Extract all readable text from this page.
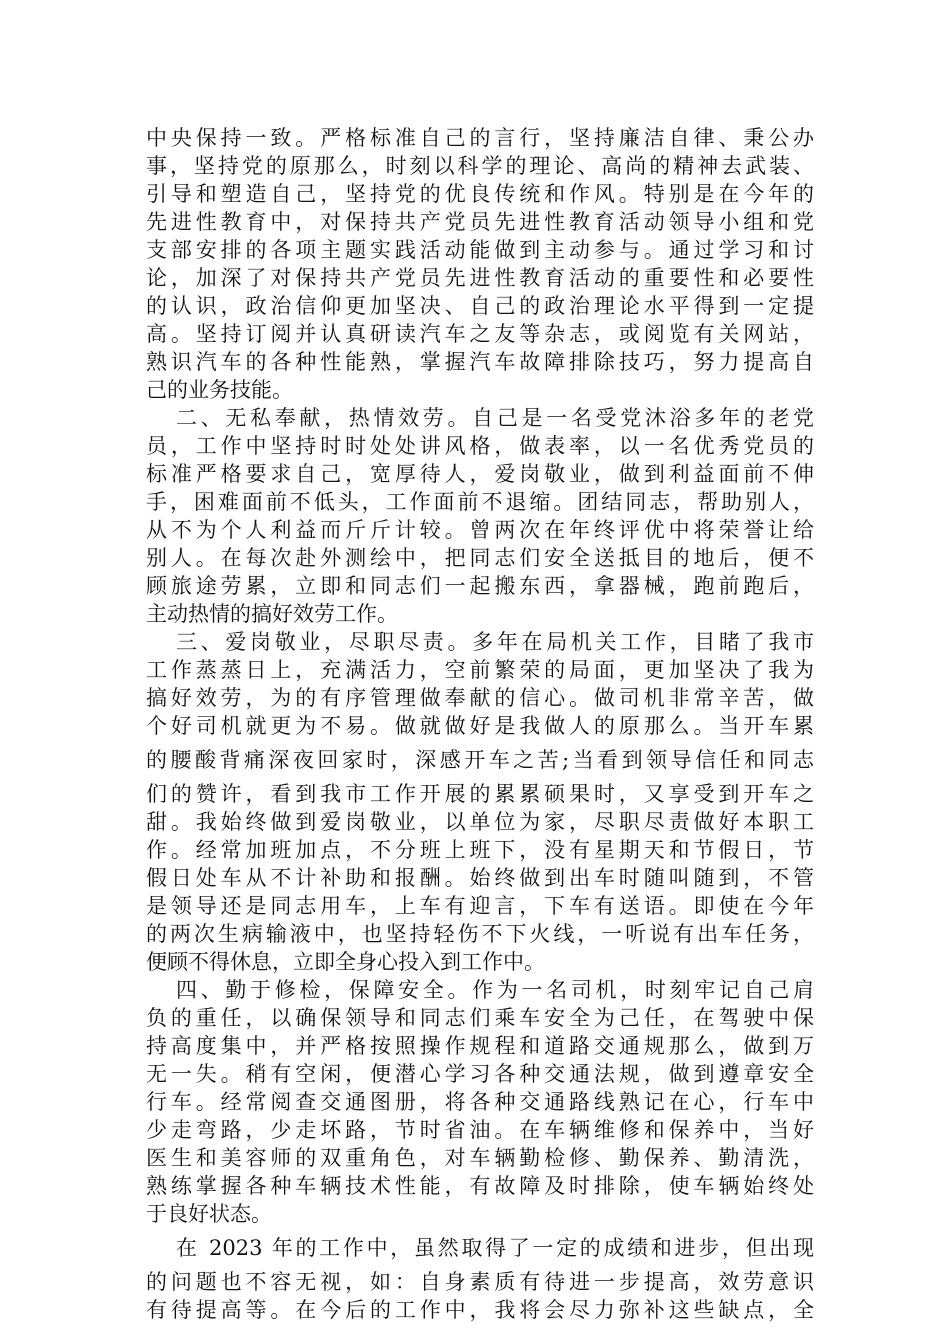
中央保持一致。严格标准自己的言行，坚持廉洁自律、秉公办
事，坚持党的原那么，时刻以科学的理论、高尚的精神去武装、
引导和塑造自己，坚持党的优良传统和作风。特别是在今年的
先进性教育中，对保持共产党员先进性教育活动领导小组和党
支部安排的各项主题实践活动能做到主动参与。通过学习和讨
论，加深了对保持共产党员先进性教育活动的重要性和必要性
的认识，政治信仰更加坚决、自己的政治理论水平得到一定提
高。坚持订阅并认真研读汽车之友等杂志，或阅览有关网站，
熟识汽车的各种性能熟，掌握汽车故障排除技巧，努力提高自
己的业务技能。
二、无私奉献，热情效劳。自己是一名受党沐浴多年的老党
员，工作中坚持时时处处讲风格，做表率，以一名优秀党员的
标准严格要求自己，宽厚待人，爱岗敬业，做到利益面前不伸
手，困难面前不低头，工作面前不退缩。团结同志，帮助别人，
从不为个人利益而斤斤计较。曾两次在年终评优中将荣誉让给
别人。在每次赴外测绘中，把同志们安全送抵目的地后，便不
顾旅途劳累，立即和同志们一起搬东西，拿器械，跑前跑后，
主动热情的搞好效劳工作。
三、爱岗敬业，尽职尽责。多年在局机关工作，目睹了我市
工作蒸蒸日上，充满活力，空前繁荣的局面，更加坚决了我为
搞好效劳，为的有序管理做奉献的信心。做司机非常辛苦，做
个好司机就更为不易。做就做好是我做人的原那么。当开车累
的腰酸背痛深夜回家时，深感开车之苦;当看到领导信任和同志
们的赞许，看到我市工作开展的累累硕果时，又享受到开车之
甜。我始终做到爱岗敬业，以单位为家，尽职尽责做好本职工
作。经常加班加点，不分班上班下，没有星期天和节假日，节
假日处车从不计补助和报酬。始终做到出车时随叫随到，不管
是领导还是同志用车，上车有迎言，下车有送语。即使在今年
的两次生病输液中，也坚持轻伤不下火线，一听说有出车任务，
便顾不得休息，立即全身心投入到工作中。
四、勤于修检，保障安全。作为一名司机，时刻牢记自己肩
负的重任，以确保领导和同志们乘车安全为己任，在驾驶中保
持高度集中，并严格按照操作规程和道路交通规那么，做到万
无一失。稍有空闲，便潜心学习各种交通法规，做到遵章安全
行车。经常阅查交通图册，将各种交通路线熟记在心，行车中
少走弯路，少走坏路，节时省油。在车辆维修和保养中，当好
医生和美容师的双重角色，对车辆勤检修、勤保养、勤清洗，
熟练掌握各种车辆技术性能，有故障及时排除，使车辆始终处
于良好状态。
在 2023 年的工作中，虽然取得了一定的成绩和进步，但出现
的问题也不容无视，如：自身素质有待进一步提高，效劳意识
有待提高等。在今后的工作中，我将会尽力弥补这些缺点，全
